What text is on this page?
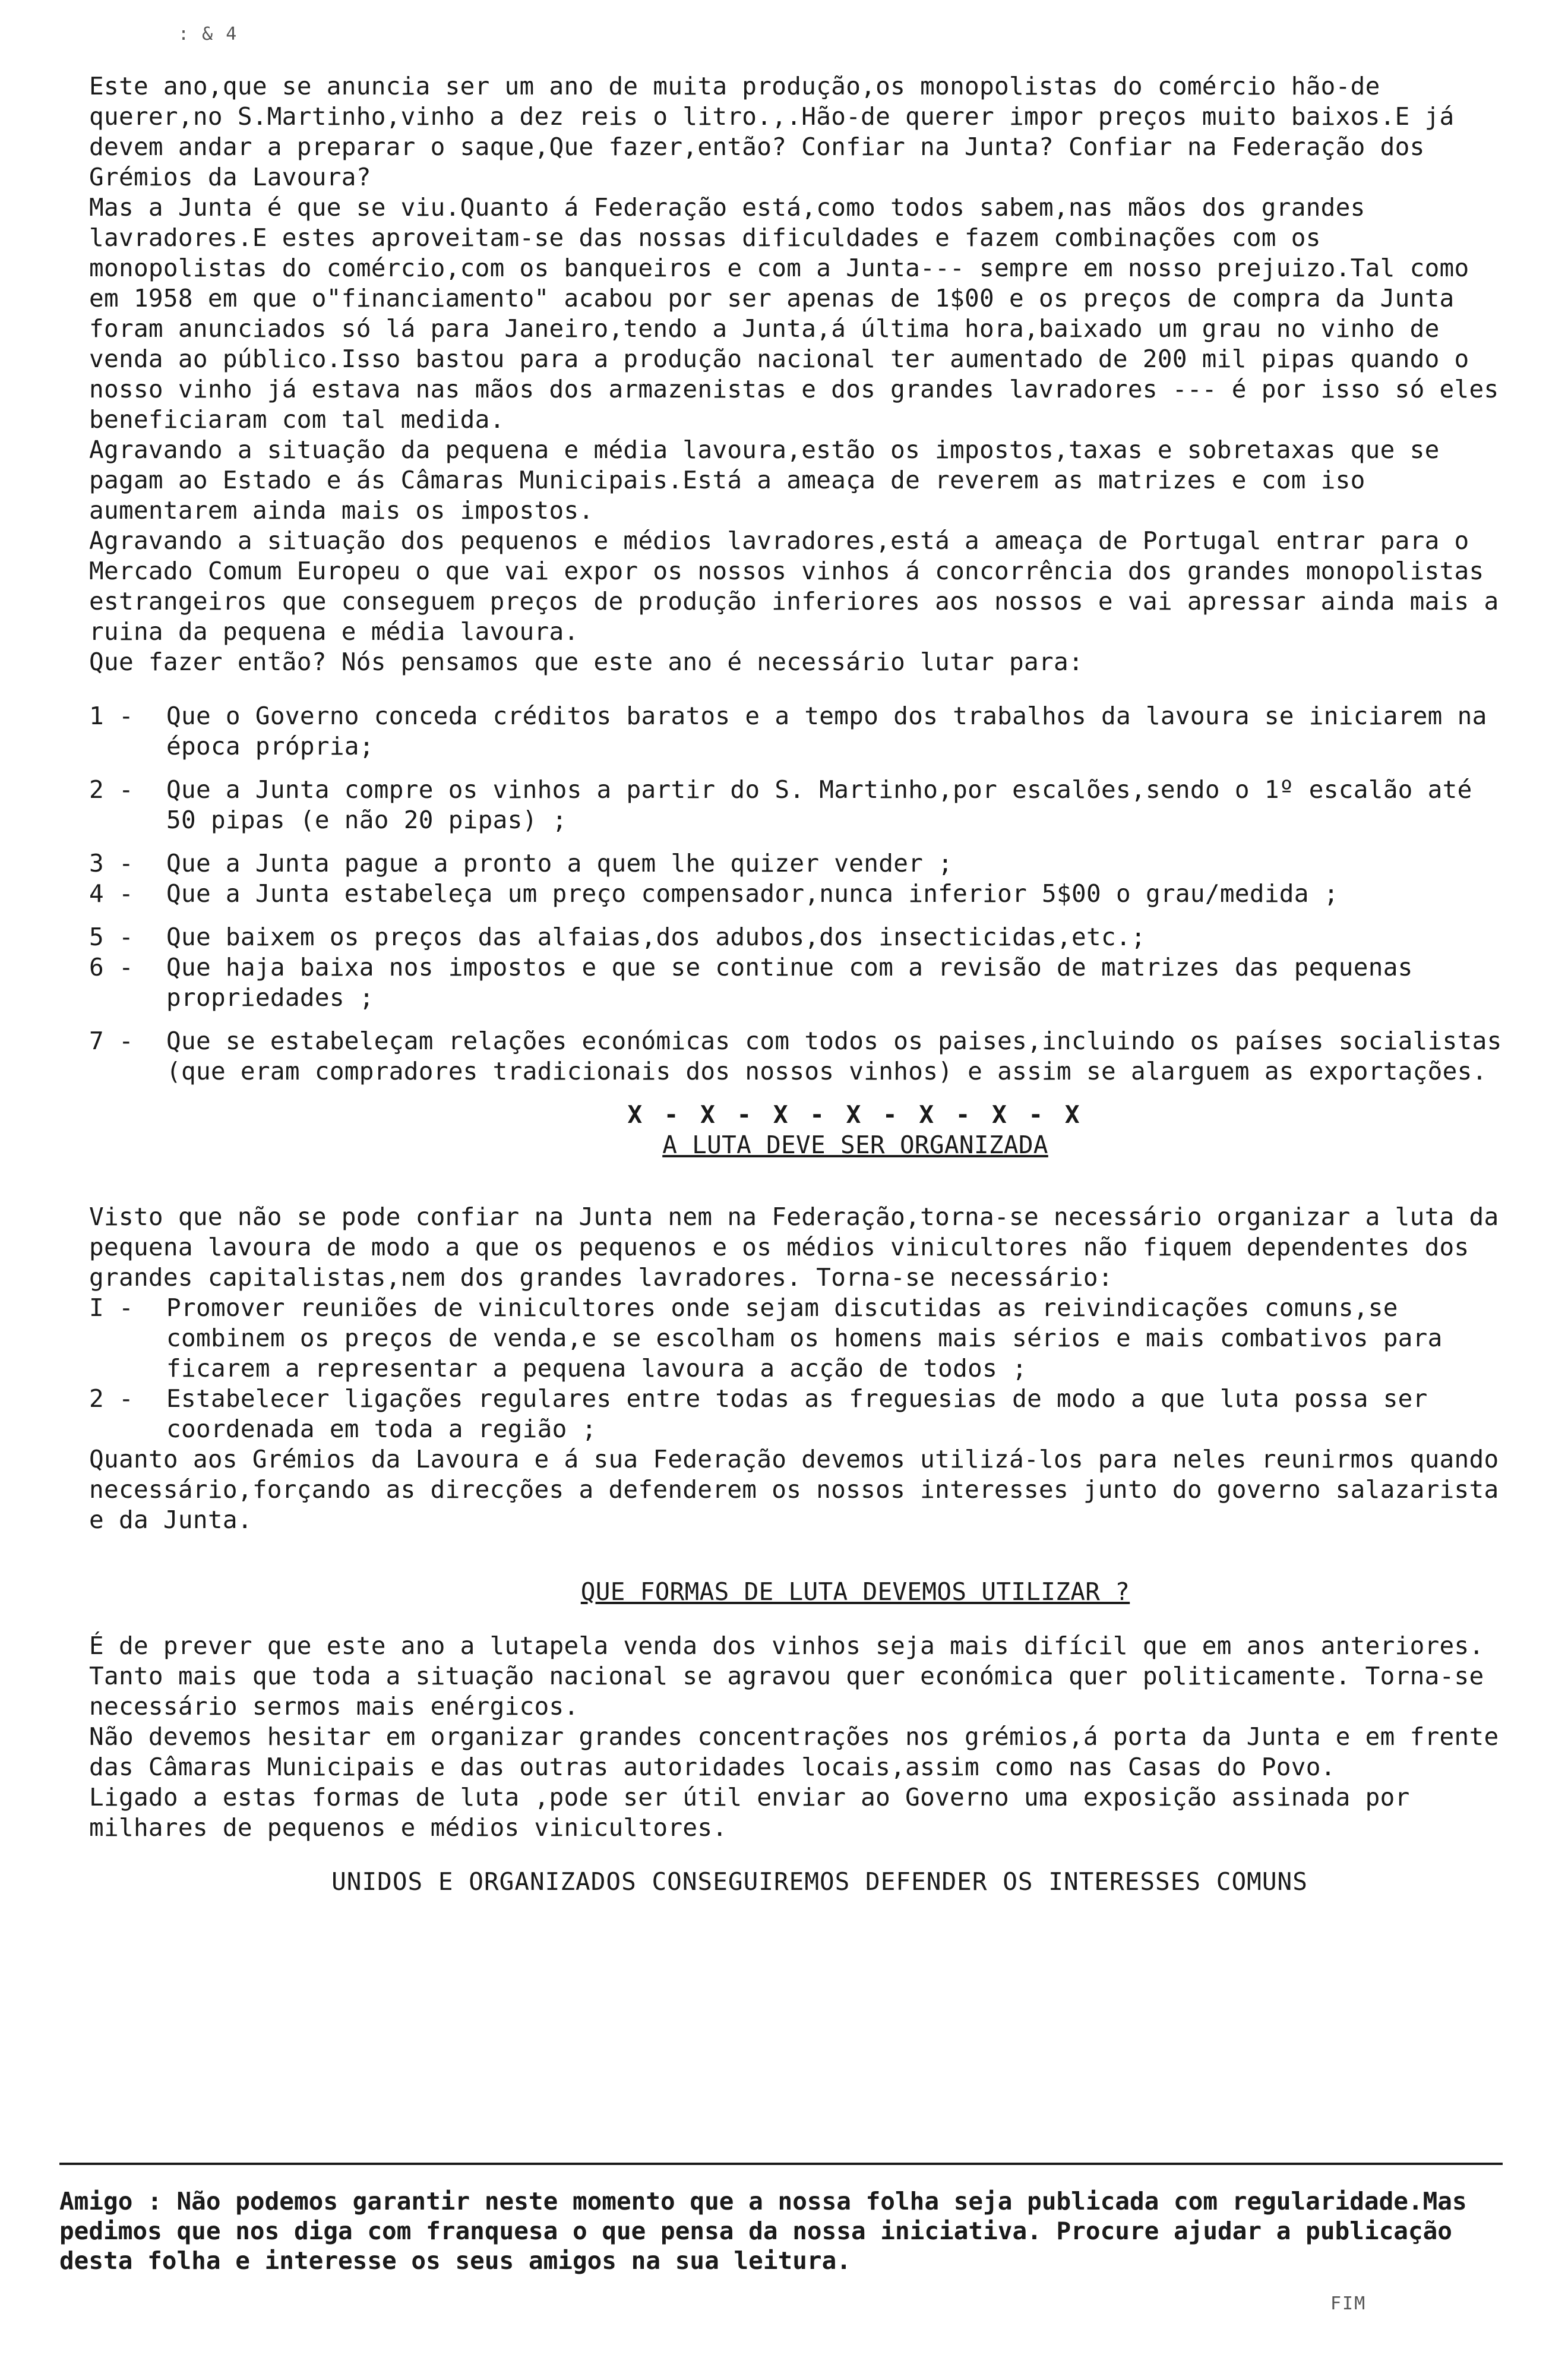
: & 4

Este ano,que se anuncia ser um ano de muita produção,os monopolistas do comércio hão-de querer,no S.Martinho,vinho a dez reis o litro.,.Hão-de querer impor preços muito baixos.E já devem andar a preparar o saque,Que fazer,então? Confiar na Junta? Confiar na Federação dos Grémios da Lavoura?

Mas a Junta é que se viu.Quanto á Federação está,como todos sabem,nas mãos dos grandes lavradores.E estes aproveitam-se das nossas dificuldades e fazem combinações com os monopolistas do comércio,com os banqueiros e com a Junta--- sempre em nosso prejuizo.Tal como em 1958 em que o"financiamento" acabou por ser apenas de 1$00 e os preços de compra da Junta foram anunciados só lá para Janeiro,tendo a Junta,á última hora,baixado um grau no vinho de venda ao público.Isso bastou para a produção nacional ter aumentado de 200 mil pipas quando o nosso vinho já estava nas mãos dos armazenistas e dos grandes lavradores --- é por isso só eles beneficiaram com tal medida.

Agravando a situação da pequena e média lavoura,estão os impostos,taxas e sobretaxas que se pagam ao Estado e ás Câmaras Municipais.Está a ameaça de reverem as matrizes e com iso aumentarem ainda mais os impostos.

Agravando a situação dos pequenos e médios lavradores,está a ameaça de Portugal entrar para o Mercado Comum Europeu o que vai expor os nossos vinhos á concorrência dos grandes monopolistas estrangeiros que conseguem preços de produção inferiores aos nossos e vai apressar ainda mais a ruina da pequena e média lavoura.

Que fazer então? Nós pensamos que este ano é necessário lutar para:

1 -	Que o Governo conceda créditos baratos e a tempo dos trabalhos da lavoura se iniciarem na época própria;
2 -	Que a Junta compre os vinhos a partir do S. Martinho,por escalões,sendo o 1º escalão até 50 pipas (e não 20 pipas) ;
3 -	Que a Junta pague a pronto a quem lhe quizer vender ;
4 -	Que a Junta estabeleça um preço compensador,nunca inferior 5$00 o grau/medida ;
5 -	Que baixem os preços das alfaias,dos adubos,dos insecticidas,etc.;
6 -	Que haja baixa nos impostos e que se continue com a revisão de matrizes das pequenas propriedades ;
7 -	Que se estabeleçam relações económicas com todos os paises,incluindo os países socialistas (que eram compradores tradicionais dos nossos vinhos) e assim se alarguem as exportações.
X - X - X - X - X - X - X
A LUTA DEVE SER ORGANIZADA

Visto que não se pode confiar na Junta nem na Federação,torna-se necessário organizar a luta da pequena lavoura de modo a que os pequenos e os médios vinicultores não fiquem dependentes dos grandes capitalistas,nem dos grandes lavradores. Torna-se necessário:

I -	Promover reuniões de vinicultores onde sejam discutidas as reivindicações comuns,se combinem os preços de venda,e se escolham os homens mais sérios e mais combativos para ficarem a representar a pequena lavoura a acção de todos ;
2 -	Estabelecer ligações regulares entre todas as freguesias de modo a que luta possa ser coordenada em toda a região ;

Quanto aos Grémios da Lavoura e á sua Federação devemos utilizá-los para neles reunirmos quando necessário,forçando as direcções a defenderem os nossos interesses junto do governo salazarista e da Junta.

QUE FORMAS DE LUTA DEVEMOS UTILIZAR ?

É de prever que este ano a lutapela venda dos vinhos seja mais difícil que em anos anteriores. Tanto mais que toda a situação nacional se agravou quer económica quer politicamente. Torna-se necessário sermos mais enérgicos.

Não devemos hesitar em organizar grandes concentrações nos grémios,á porta da Junta e em frente das Câmaras Municipais e das outras autoridades locais,assim como nas Casas do Povo.

Ligado a estas formas de luta ,pode ser útil enviar ao Governo uma exposição assinada por milhares de pequenos e médios vinicultores.

UNIDOS E ORGANIZADOS CONSEGUIREMOS DEFENDER OS INTERESSES COMUNS
Amigo : Não podemos garantir neste momento que a nossa folha seja publicada com regularidade.Mas pedimos que nos diga com franquesa o que pensa da nossa iniciativa. Procure ajudar a publicação desta folha e interesse os seus amigos na sua leitura.
FIM
